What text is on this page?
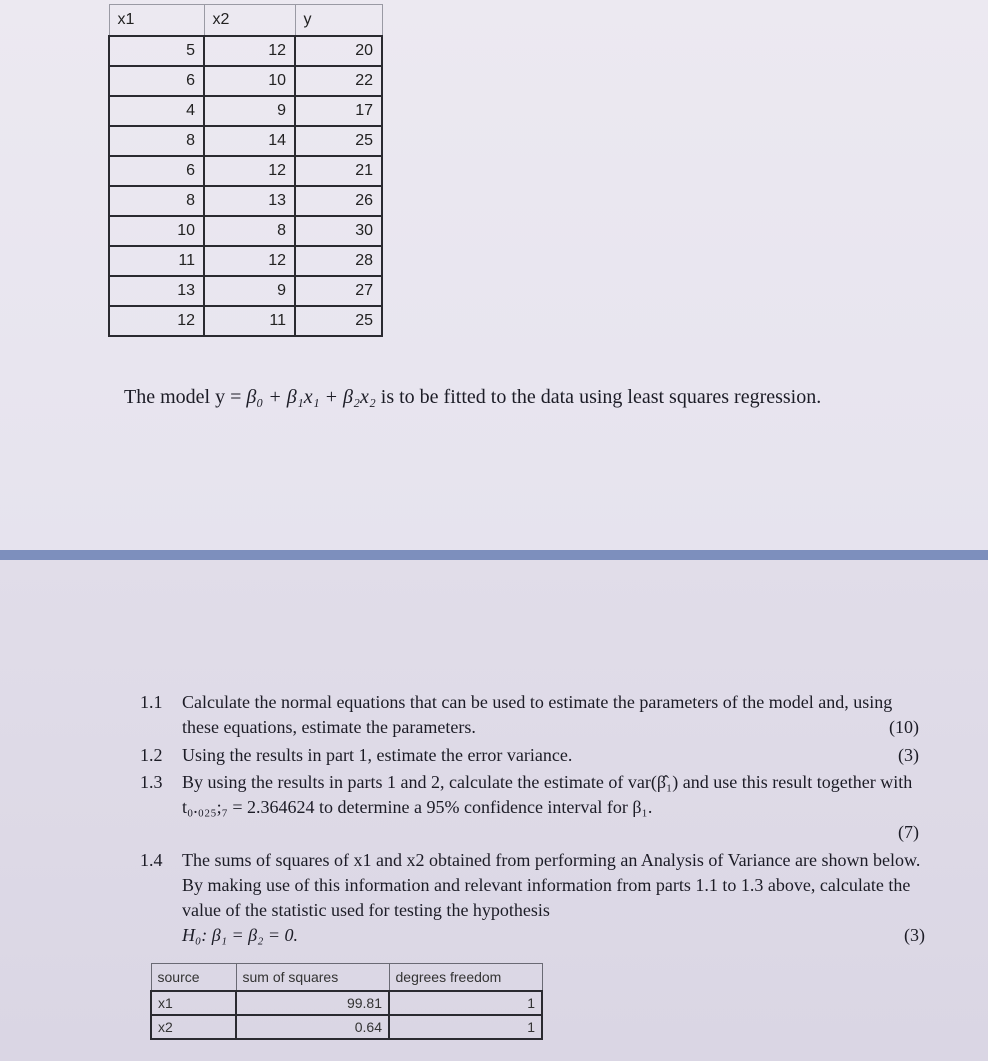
x1	x2	y
5	12	20
6	10	22
4	9	17
8	14	25
6	12	21
8	13	26
10	8	30
11	12	28
13	9	27
12	11	25
The model y = β₀ + β₁x₁ + β₂x₂ is to be fitted to the data using least squares regression.
1.1 Calculate the normal equations that can be used to estimate the parameters of the model and, using these equations, estimate the parameters.	(10)
1.2 Using the results in part 1, estimate the error variance.	(3)
1.3 By using the results in parts 1 and 2, calculate the estimate of var(β̂₁) and use this result together with t₀.₀₂₅;₇ = 2.364624 to determine a 95% confidence interval for β₁.
(7)
1.4 The sums of squares of x1 and x2 obtained from performing an Analysis of Variance are shown below. By making use of this information and relevant information from parts 1.1 to 1.3 above, calculate the value of the statistic used for testing the hypothesis
H₀: β₁ = β₂ = 0.	(3)
source	sum of squares	degrees freedom
x1	99.81	1
x2	0.64	1
